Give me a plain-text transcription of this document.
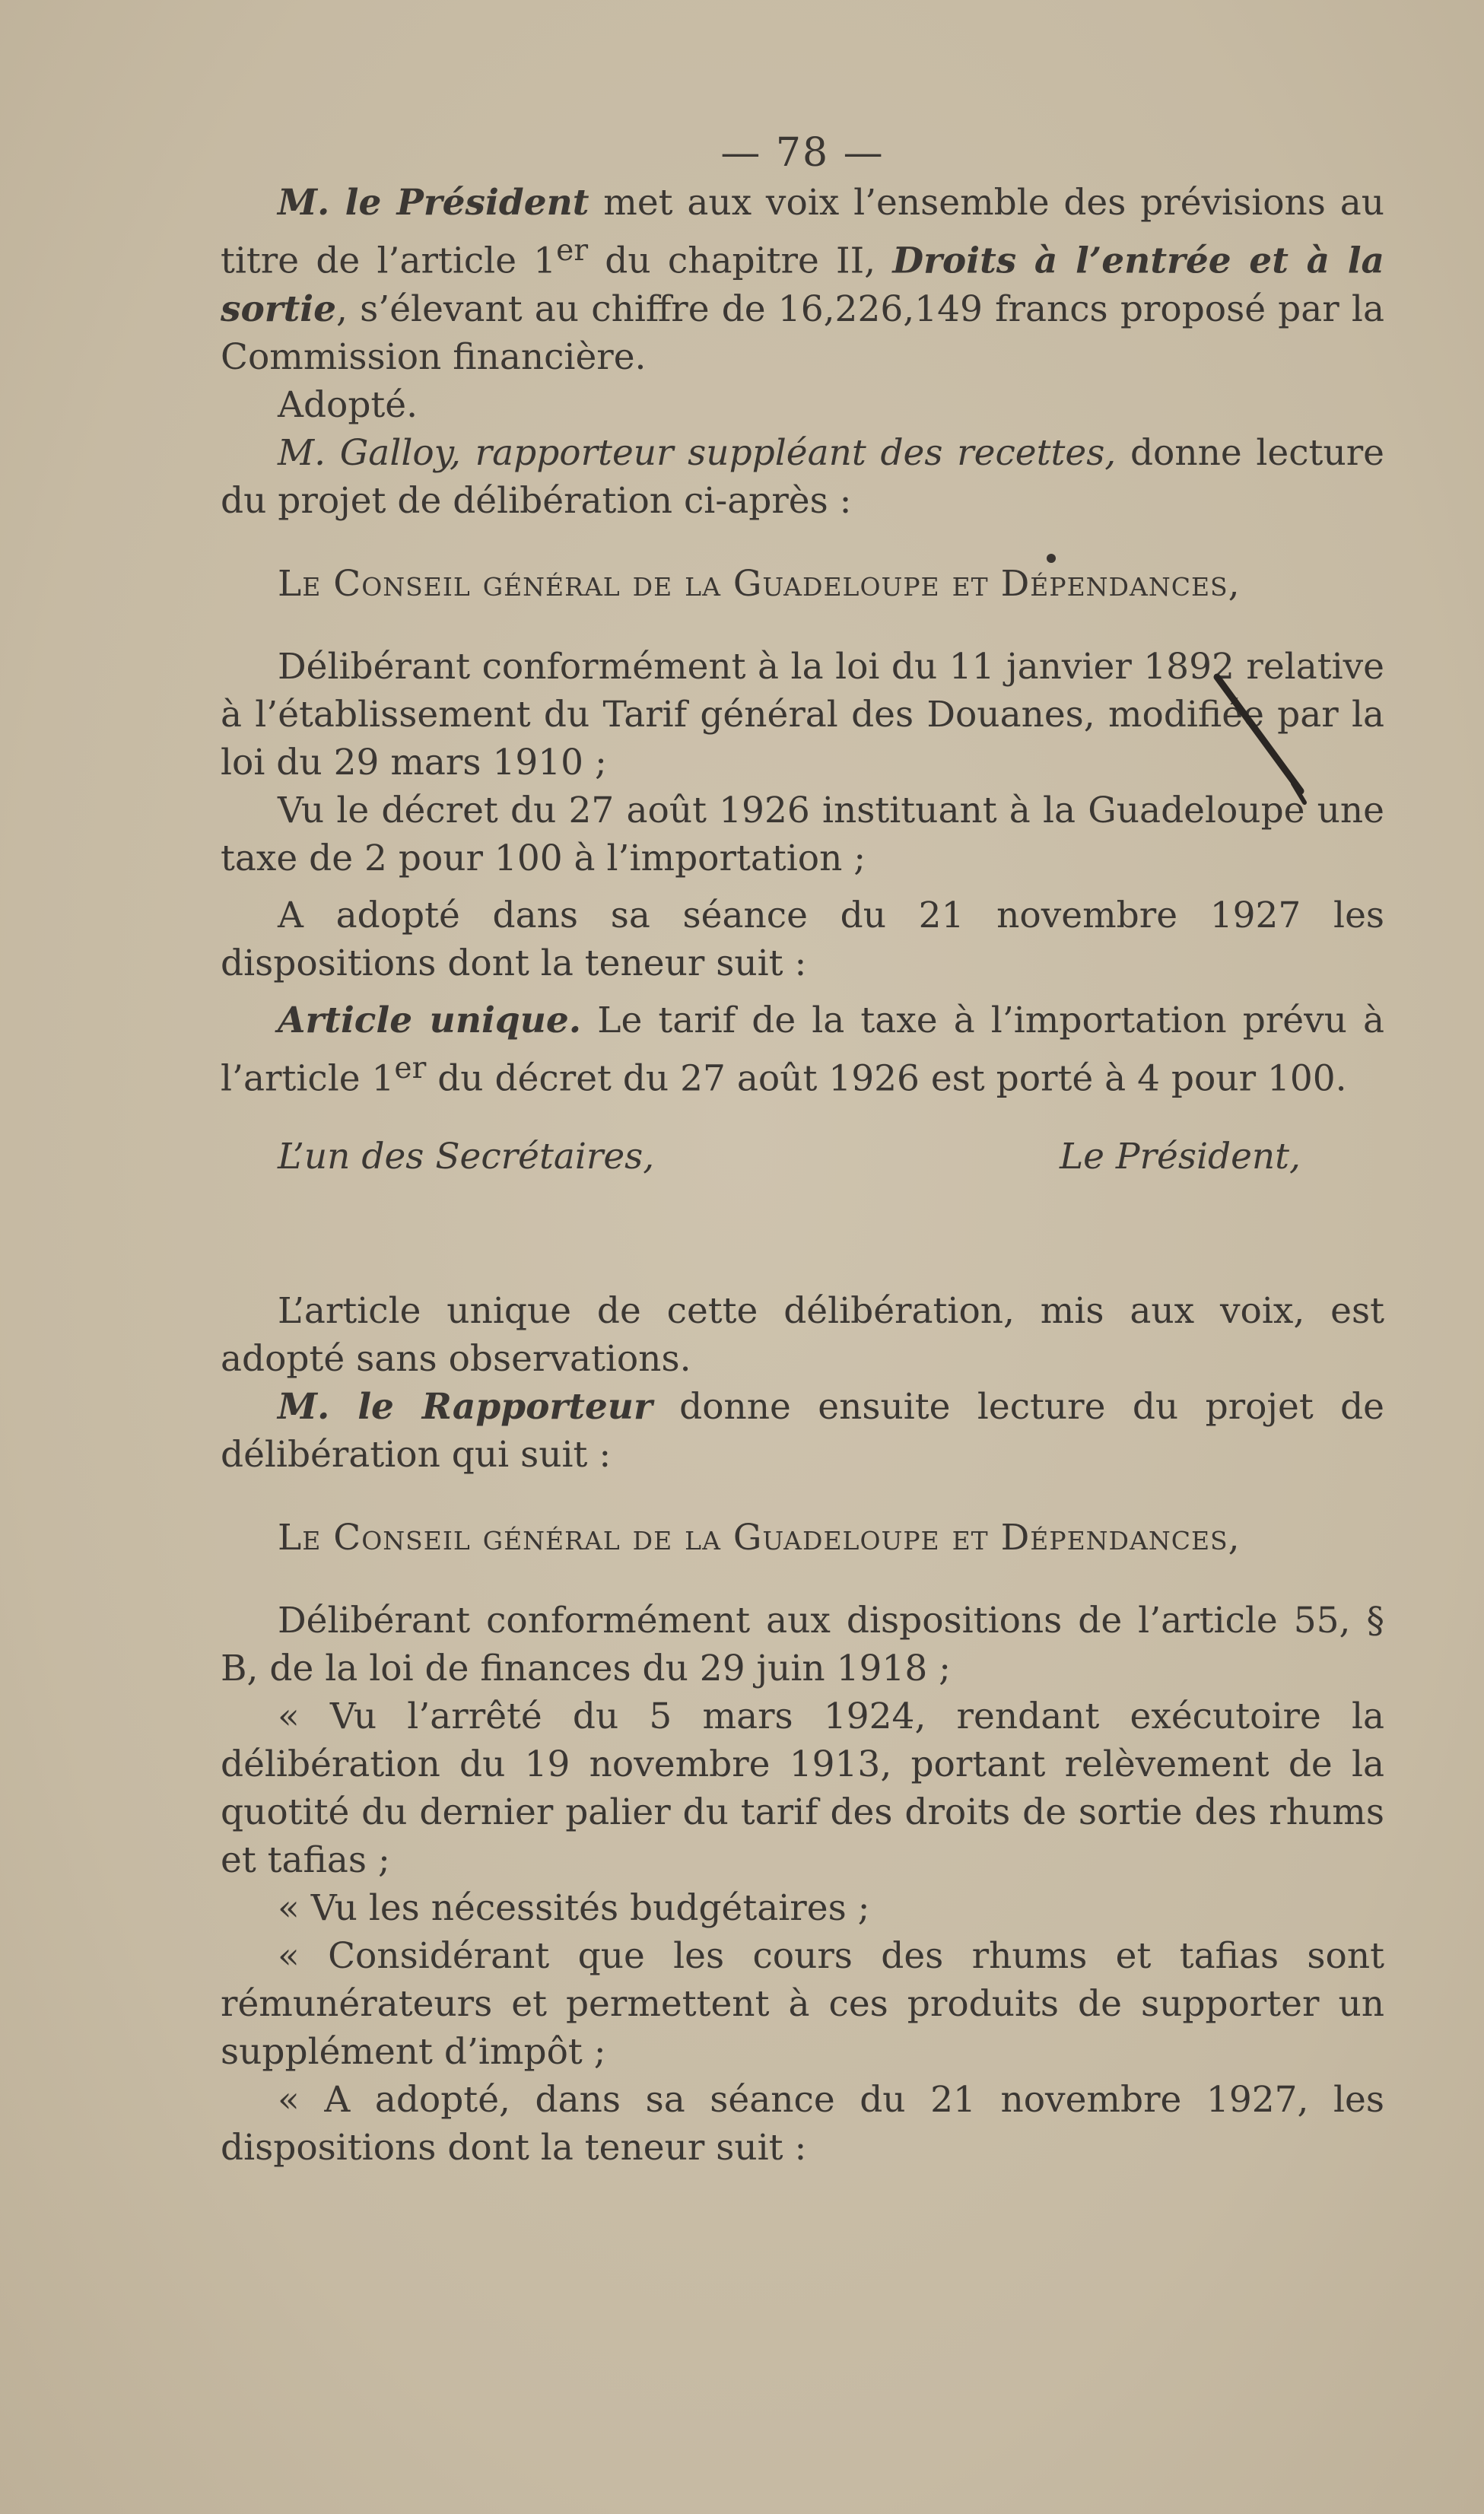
— 78 —

M. le Président met aux voix l’ensemble des prévisions au titre de l’article 1er du chapitre II, Droits à l’entrée et à la sortie, s’élevant au chiffre de 16,226,149 francs proposé par la Commission financière.

Adopté.

M. Galloy, rapporteur suppléant des recettes, donne lecture du projet de délibération ci-après :

Le Conseil général de la Guadeloupe et Dépendances,

Délibérant conformément à la loi du 11 janvier 1892 relative à l’établissement du Tarif général des Douanes, modifiée par la loi du 29 mars 1910 ;

Vu le décret du 27 août 1926 instituant à la Guadeloupe une taxe de 2 pour 100 à l’importation ;

A adopté dans sa séance du 21 novembre 1927 les dispositions dont la teneur suit :

Article unique. Le tarif de la taxe à l’importation prévu à l’article 1er du décret du 27 août 1926 est porté à 4 pour 100.

L’un des Secrétaires,	Le Président,

L’article unique de cette délibération, mis aux voix, est adopté sans observations.

M. le Rapporteur donne ensuite lecture du projet de délibération qui suit :

Le Conseil général de la Guadeloupe et Dépendances,

Délibérant conformément aux dispositions de l’article 55, § B, de la loi de finances du 29 juin 1918 ;

« Vu l’arrêté du 5 mars 1924, rendant exécutoire la délibération du 19 novembre 1913, portant relèvement de la quotité du dernier palier du tarif des droits de sortie des rhums et tafias ;

« Vu les nécessités budgétaires ;

« Considérant que les cours des rhums et tafias sont rémunérateurs et permettent à ces produits de supporter un supplément d’impôt ;

« A adopté, dans sa séance du 21 novembre 1927, les dispositions dont la teneur suit :
